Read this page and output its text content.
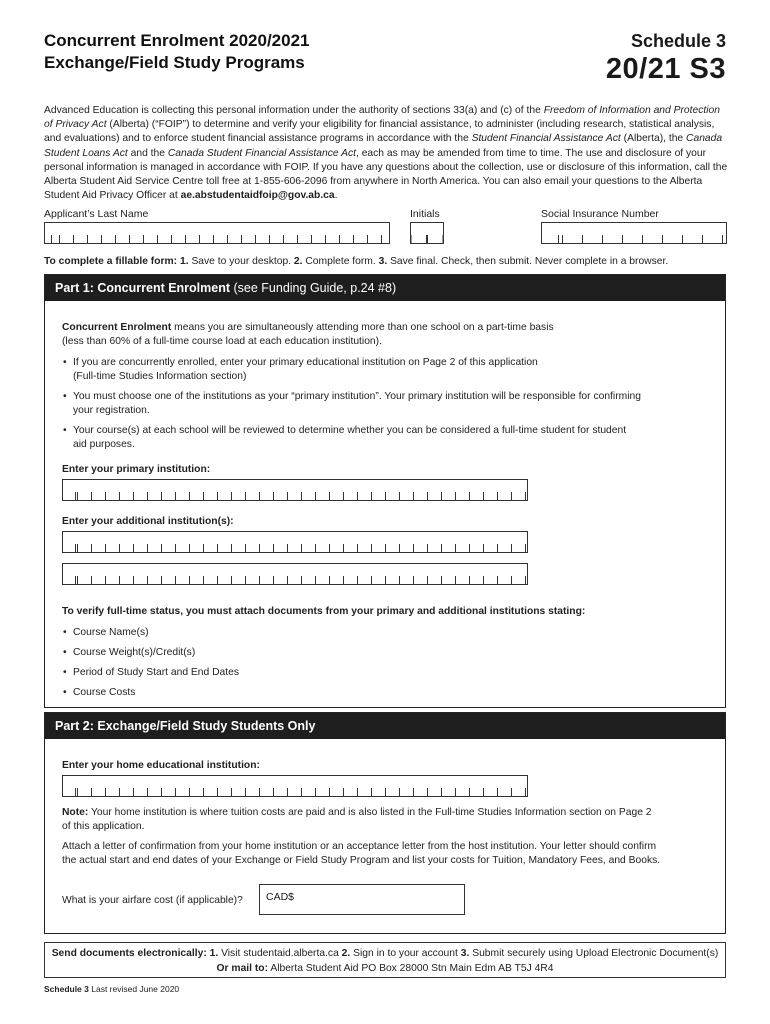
Concurrent Enrolment 2020/2021
Exchange/Field Study Programs
Schedule 3
20/21 S3
Advanced Education is collecting this personal information under the authority of sections 33(a) and (c) of the Freedom of Information and Protection of Privacy Act (Alberta) (“FOIP”) to determine and verify your eligibility for financial assistance, to administer (including research, statistical analysis, and evaluations) and to enforce student financial assistance programs in accordance with the Student Financial Assistance Act (Alberta), the Canada Student Loans Act and the Canada Student Financial Assistance Act, each as may be amended from time to time. The use and disclosure of your personal information is managed in accordance with FOIP. If you have any questions about the collection, use or disclosure of this information, call the Alberta Student Aid Service Centre toll free at 1-855-606-2096 from anywhere in North America. You can also email your questions to the Alberta Student Aid Privacy Officer at ae.abstudentaidfoip@gov.ab.ca.
Applicant’s Last Name	Initials	Social Insurance Number
To complete a fillable form: 1. Save to your desktop. 2. Complete form. 3. Save final. Check, then submit. Never complete in a browser.
Part 1: Concurrent Enrolment (see Funding Guide, p.24 #8)
Concurrent Enrolment means you are simultaneously attending more than one school on a part-time basis
(less than 60% of a full-time course load at each education institution).
• If you are concurrently enrolled, enter your primary educational institution on Page 2 of this application
(Full-time Studies Information section)
• You must choose one of the institutions as your “primary institution”. Your primary institution will be responsible for confirming
your registration.
• Your course(s) at each school will be reviewed to determine whether you can be considered a full-time student for student
aid purposes.
Enter your primary institution:
Enter your additional institution(s):
To verify full-time status, you must attach documents from your primary and additional institutions stating:
• Course Name(s)
• Course Weight(s)/Credit(s)
• Period of Study Start and End Dates
• Course Costs
Part 2: Exchange/Field Study Students Only
Enter your home educational institution:
Note: Your home institution is where tuition costs are paid and is also listed in the Full-time Studies Information section on Page 2
of this application.
Attach a letter of confirmation from your home institution or an acceptance letter from the host institution. Your letter should confirm
the actual start and end dates of your Exchange or Field Study Program and list your costs for Tuition, Mandatory Fees, and Books.
What is your airfare cost (if applicable)?	CAD$
Send documents electronically: 1. Visit studentaid.alberta.ca 2. Sign in to your account 3. Submit securely using Upload Electronic Document(s)
Or mail to: Alberta Student Aid PO Box 28000 Stn Main Edm AB T5J 4R4
Schedule 3 Last revised June 2020
